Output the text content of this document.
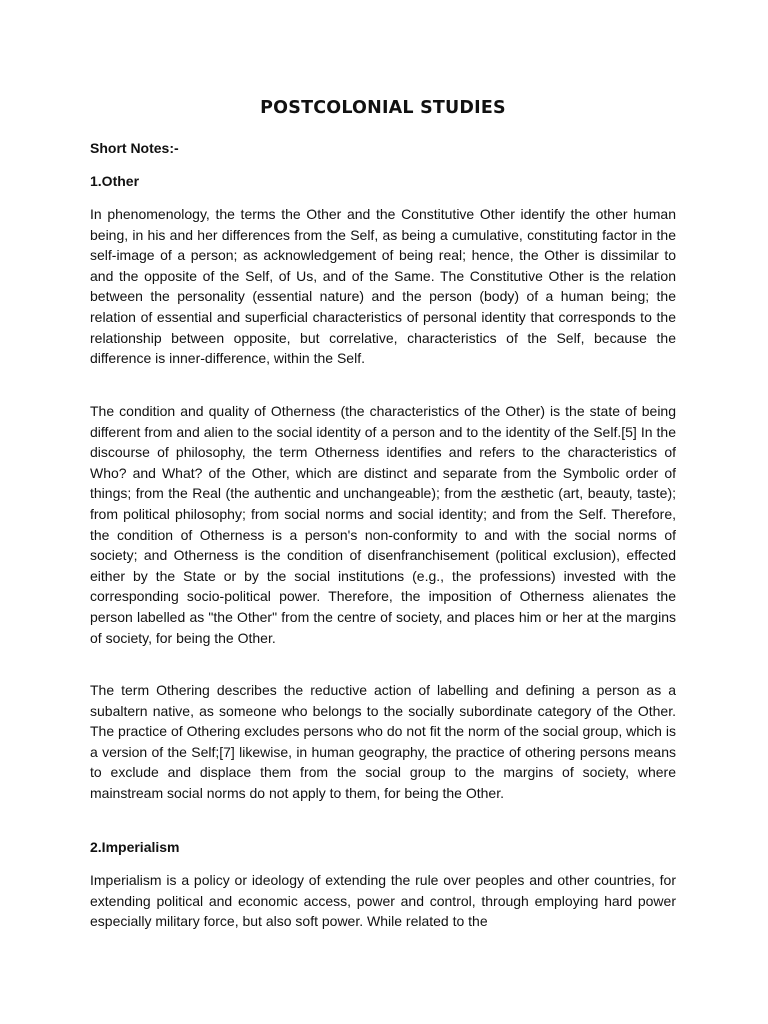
POSTCOLONIAL STUDIES
Short Notes:-
1.Other

In phenomenology, the terms the Other and the Constitutive Other identify the other human being, in his and her differences from the Self, as being a cumulative, constituting factor in the self-image of a person; as acknowledgement of being real; hence, the Other is dissimilar to and the opposite of the Self, of Us, and of the Same. The Constitutive Other is the relation between the personality (essential nature) and the person (body) of a human being; the relation of essential and superficial characteristics of personal identity that corresponds to the relationship between opposite, but correlative, characteristics of the Self, because the difference is inner-difference, within the Self.

The condition and quality of Otherness (the characteristics of the Other) is the state of being different from and alien to the social identity of a person and to the identity of the Self.[5] In the discourse of philosophy, the term Otherness identifies and refers to the characteristics of Who? and What? of the Other, which are distinct and separate from the Symbolic order of things; from the Real (the authentic and unchangeable); from the æsthetic (art, beauty, taste); from political philosophy; from social norms and social identity; and from the Self. Therefore, the condition of Otherness is a person's non-conformity to and with the social norms of society; and Otherness is the condition of disenfranchisement (political exclusion), effected either by the State or by the social institutions (e.g., the professions) invested with the corresponding socio-political power. Therefore, the imposition of Otherness alienates the person labelled as "the Other" from the centre of society, and places him or her at the margins of society, for being the Other.

The term Othering describes the reductive action of labelling and defining a person as a subaltern native, as someone who belongs to the socially subordinate category of the Other. The practice of Othering excludes persons who do not fit the norm of the social group, which is a version of the Self;[7] likewise, in human geography, the practice of othering persons means to exclude and displace them from the social group to the margins of society, where mainstream social norms do not apply to them, for being the Other.

2.Imperialism

Imperialism is a policy or ideology of extending the rule over peoples and other countries, for extending political and economic access, power and control, through employing hard power especially military force, but also soft power. While related to the
